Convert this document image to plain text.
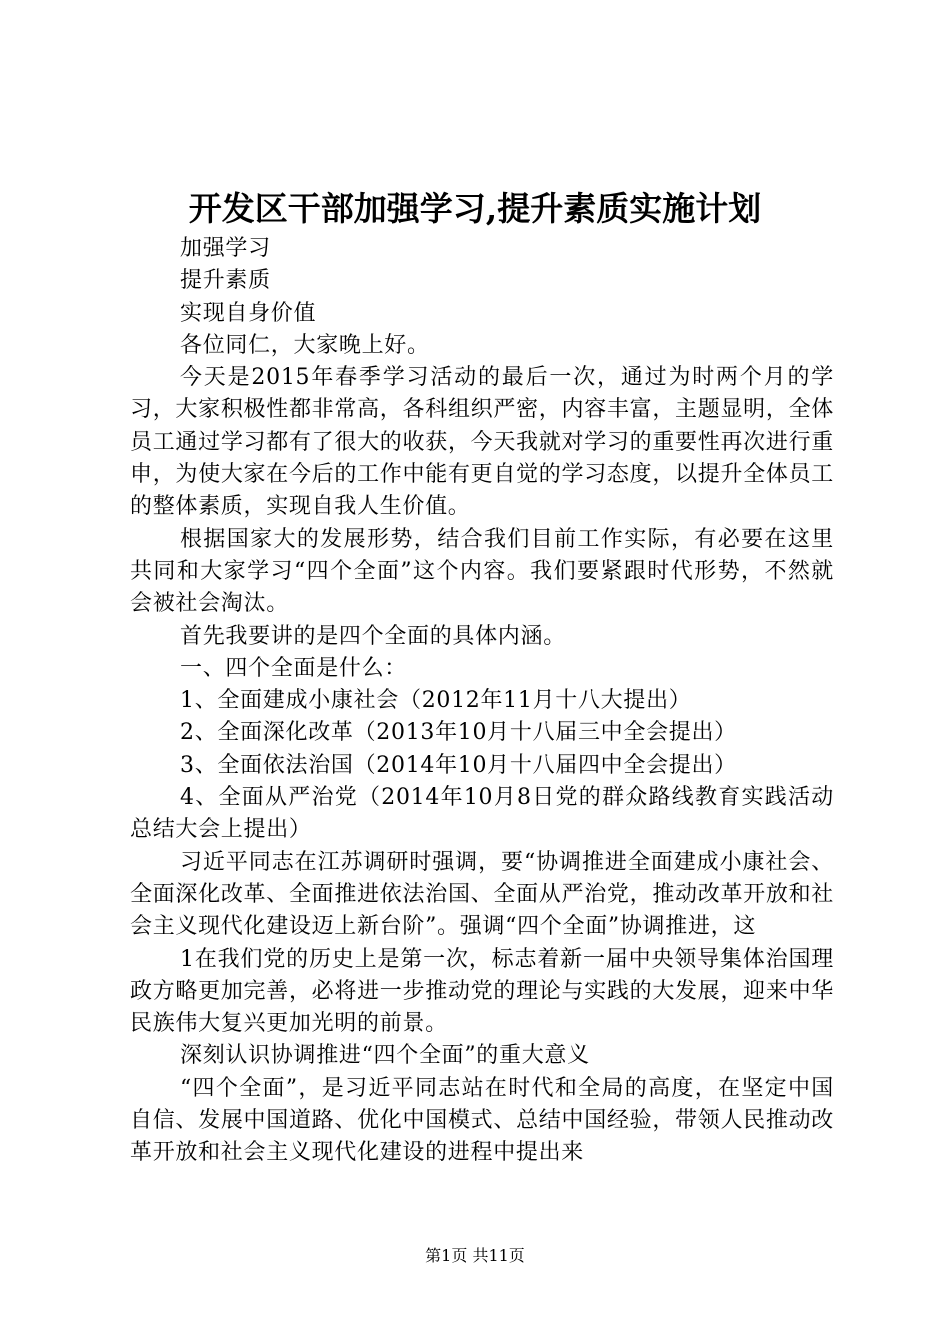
开发区干部加强学习,提升素质实施计划

加强学习

提升素质

实现自身价值

各位同仁，大家晚上好。

今天是2015年春季学习活动的最后一次，通过为时两个月的学习，大家积极性都非常高，各科组织严密，内容丰富，主题显明，全体员工通过学习都有了很大的收获，今天我就对学习的重要性再次进行重申，为使大家在今后的工作中能有更自觉的学习态度，以提升全体员工的整体素质，实现自我人生价值。

根据国家大的发展形势，结合我们目前工作实际，有必要在这里共同和大家学习“四个全面”这个内容。我们要紧跟时代形势，不然就会被社会淘汰。

首先我要讲的是四个全面的具体内涵。

一、四个全面是什么：

1、全面建成小康社会（2012年11月十八大提出）

2、全面深化改革（2013年10月十八届三中全会提出）

3、全面依法治国（2014年10月十八届四中全会提出）

4、全面从严治党（2014年10月8日党的群众路线教育实践活动总结大会上提出）

习近平同志在江苏调研时强调，要“协调推进全面建成小康社会、全面深化改革、全面推进依法治国、全面从严治党，推动改革开放和社会主义现代化建设迈上新台阶”。强调“四个全面”协调推进，这

1在我们党的历史上是第一次，标志着新一届中央领导集体治国理政方略更加完善，必将进一步推动党的理论与实践的大发展，迎来中华民族伟大复兴更加光明的前景。

深刻认识协调推进“四个全面”的重大意义

“四个全面”，是习近平同志站在时代和全局的高度，在坚定中国自信、发展中国道路、优化中国模式、总结中国经验，带领人民推动改革开放和社会主义现代化建设的进程中提出来

第1页 共11页
